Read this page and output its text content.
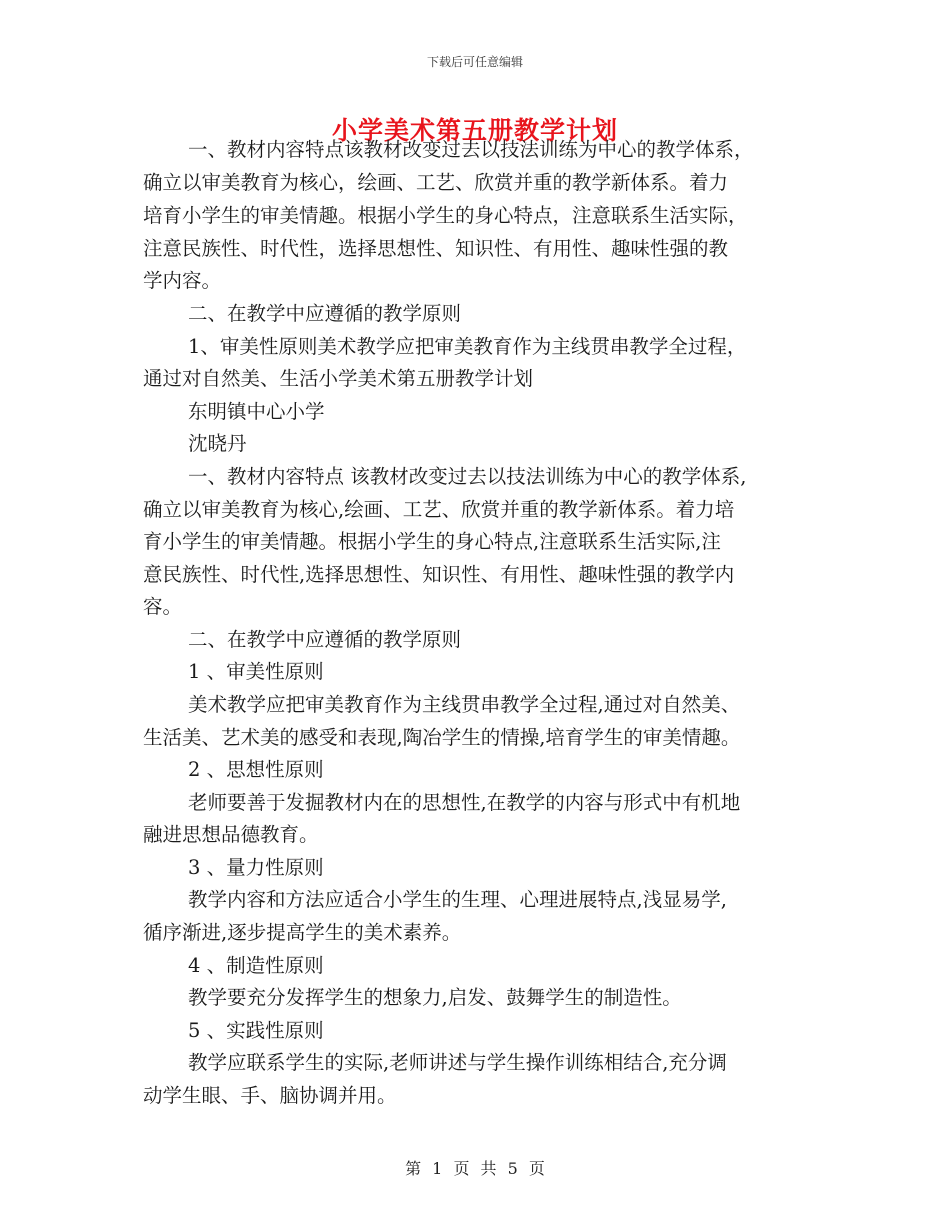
下载后可任意编辑
小学美术第五册教学计划
一、教材内容特点该教材改变过去以技法训练为中心的教学体系，
确立以审美教育为核心，绘画、工艺、欣赏并重的教学新体系。着力
培育小学生的审美情趣。根据小学生的身心特点，注意联系生活实际，
注意民族性、时代性，选择思想性、知识性、有用性、趣味性强的教
学内容。
二、在教学中应遵循的教学原则
1、审美性原则美术教学应把审美教育作为主线贯串教学全过程，
通过对自然美、生活小学美术第五册教学计划
东明镇中心小学
沈晓丹
一、教材内容特点 该教材改变过去以技法训练为中心的教学体系,
确立以审美教育为核心,绘画、工艺、欣赏并重的教学新体系。着力培
育小学生的审美情趣。根据小学生的身心特点,注意联系生活实际,注
意民族性、时代性,选择思想性、知识性、有用性、趣味性强的教学内
容。
二、在教学中应遵循的教学原则
1 、审美性原则
美术教学应把审美教育作为主线贯串教学全过程,通过对自然美、
生活美、艺术美的感受和表现,陶冶学生的情操,培育学生的审美情趣。
2 、思想性原则
老师要善于发掘教材内在的思想性,在教学的内容与形式中有机地
融进思想品德教育。
3 、量力性原则
教学内容和方法应适合小学生的生理、心理进展特点,浅显易学,
循序渐进,逐步提高学生的美术素养。
4 、制造性原则
教学要充分发挥学生的想象力,启发、鼓舞学生的制造性。
5 、实践性原则
教学应联系学生的实际,老师讲述与学生操作训练相结合,充分调
动学生眼、手、脑协调并用。
第 1 页 共 5 页
